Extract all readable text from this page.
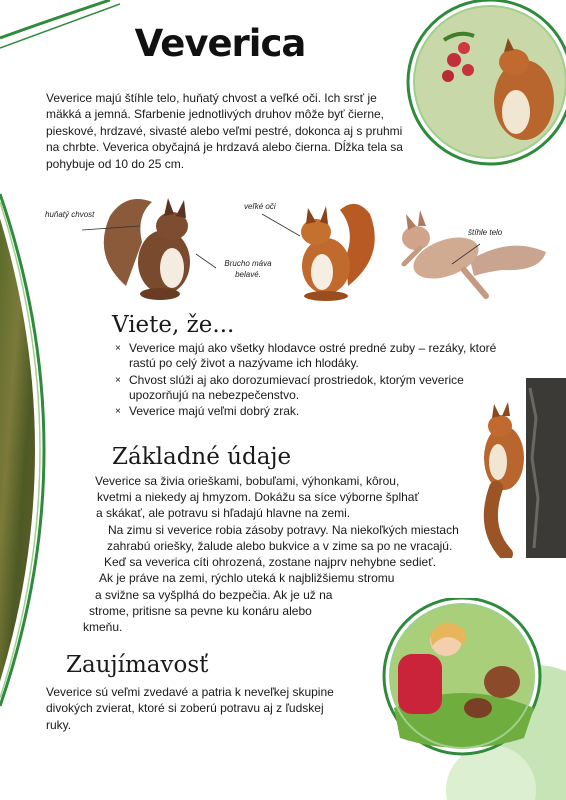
Veverica
Veverice majú štíhle telo, huňatý chvost a veľké oči. Ich srsť je mäkká a jemná. Sfarbenie jednotlivých druhov môže byť čierne, pieskové, hrdzavé, sivasté alebo veľmi pestré, dokonca aj s pruhmi na chrbte. Veverica obyčajná je hrdzavá alebo čierna. Dĺžka tela sa pohybuje od 10 do 25 cm.
huňatý chvost
Brucho máva
belavé.
veľké oči
štíhle telo
Viete, že...
× Veverice majú ako všetky hlodavce ostré predné zuby – rezáky, ktoré
rastú po celý život a nazývame ich hlodáky.
× Chvost slúži aj ako dorozumievací prostriedok, ktorým veverice
upozorňujú na nebezpečenstvo.
× Veverice majú veľmi dobrý zrak.
Základné údaje
Veverice sa živia orieškami, bobuľami, výhonkami, kôrou,
kvetmi a niekedy aj hmyzom. Dokážu sa síce výborne šplhať
a skákať, ale potravu si hľadajú hlavne na zemi.
Na zimu si veverice robia zásoby potravy. Na niekoľkých miestach
zahrabú oriešky, žalude alebo bukvice a v zime sa po ne vracajú.
Keď sa veverica cíti ohrozená, zostane najprv nehybne sedieť.
Ak je práve na zemi, rýchlo uteká k najbližšiemu stromu
a svižne sa vyšplhá do bezpečia. Ak je už na
strome, pritisne sa pevne ku konáru alebo
kmeňu.
Zaujímavosť
Veverice sú veľmi zvedavé a patria k neveľkej skupine divokých zvierat, ktoré si zoberú potravu aj z ľudskej ruky.
